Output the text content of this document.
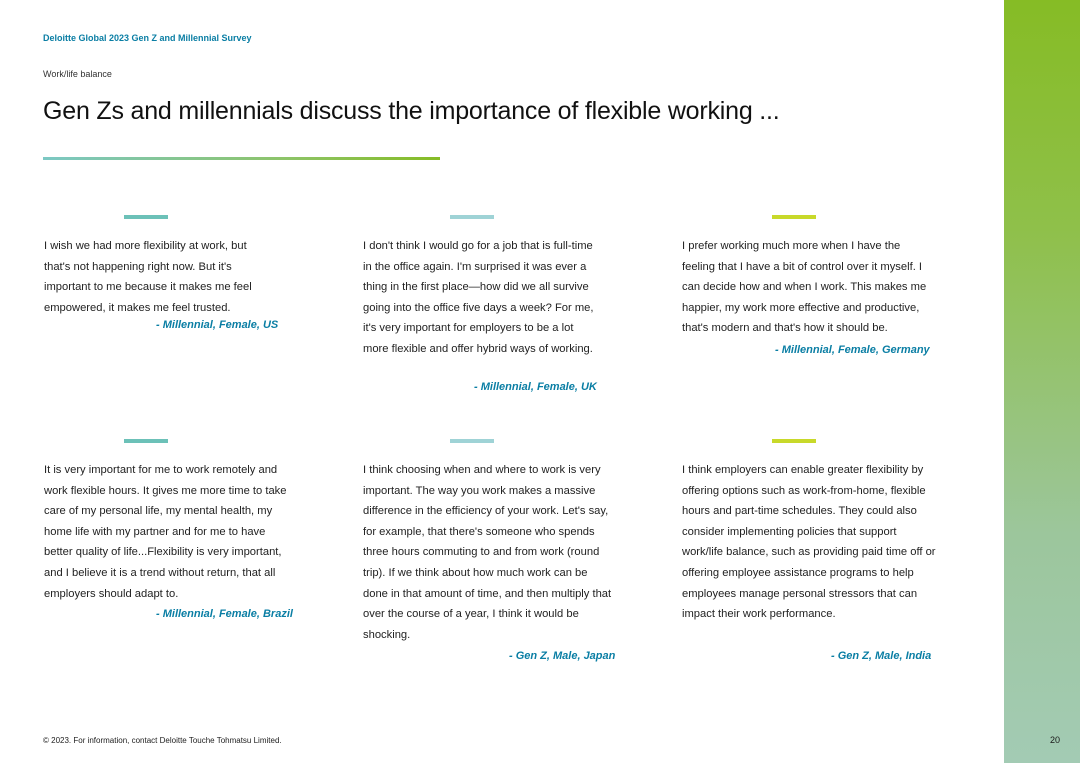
20
Deloitte Global 2023 Gen Z and Millennial Survey
Work/life balance
Gen Zs and millennials discuss the importance of flexible working ...

I wish we had more flexibility at work, but that's not happening right now. But it's important to me because it makes me feel empowered, it makes me feel trusted.

- Millennial, Female, US

I don't think I would go for a job that is full-time in the office again. I'm surprised it was ever a thing in the first place—how did we all survive going into the office five days a week? For me, it's very important for employers to be a lot more flexible and offer hybrid ways of working.

- Millennial, Female, UK

I prefer working much more when I have the feeling that I have a bit of control over it myself. I can decide how and when I work. This makes me happier, my work more effective and productive, that's modern and that's how it should be.

- Millennial, Female, Germany

It is very important for me to work remotely and work flexible hours. It gives me more time to take care of my personal life, my mental health, my home life with my partner and for me to have better quality of life...Flexibility is very important, and I believe it is a trend without return, that all employers should adapt to.

- Millennial, Female, Brazil

I think choosing when and where to work is very important. The way you work makes a massive difference in the efficiency of your work. Let's say, for example, that there's someone who spends three hours commuting to and from work (round trip). If we think about how much work can be done in that amount of time, and then multiply that over the course of a year, I think it would be shocking.

- Gen Z, Male, Japan

I think employers can enable greater flexibility by offering options such as work-from-home, flexible hours and part-time schedules. They could also consider implementing policies that support work/life balance, such as providing paid time off or offering employee assistance programs to help employees manage personal stressors that can impact their work performance.

- Gen Z, Male, India
© 2023. For information, contact Deloitte Touche Tohmatsu Limited.
